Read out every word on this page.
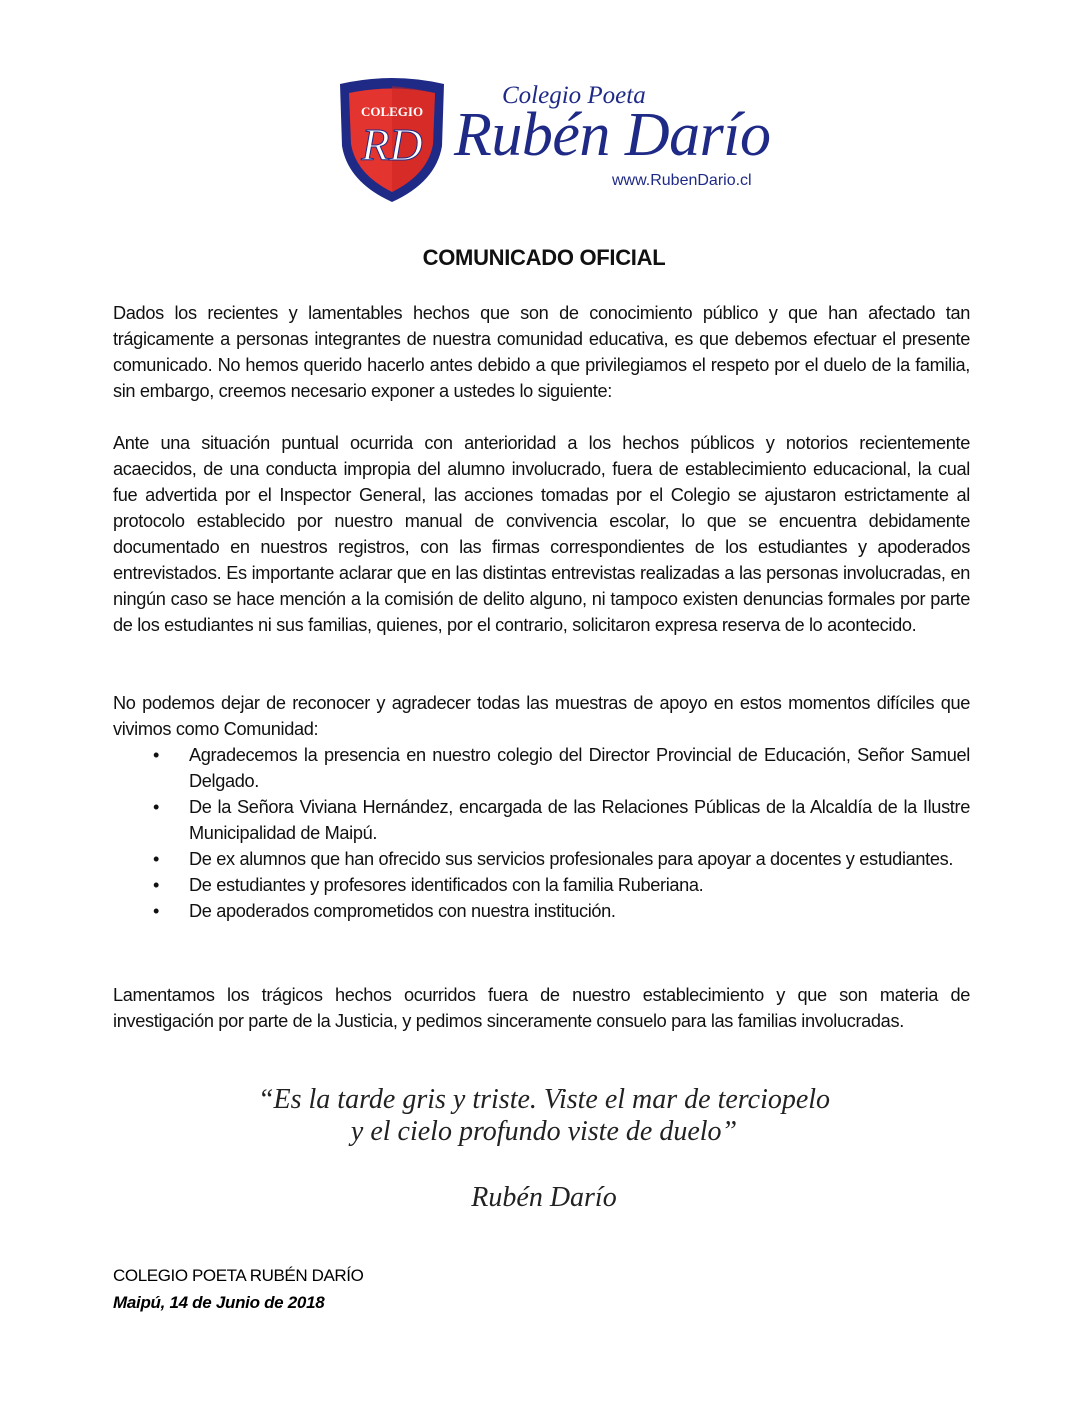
COLEGIO
RD
Colegio Poeta
Rubén Darío
www.RubenDario.cl
COMUNICADO OFICIAL

Dados los recientes y lamentables hechos que son de conocimiento público y que han afectado tan trágicamente a personas integrantes de nuestra comunidad educativa, es que debemos efectuar el presente comunicado. No hemos querido hacerlo antes debido a que privilegiamos el respeto por el duelo de la familia, sin embargo, creemos necesario exponer a ustedes lo siguiente:

Ante una situación puntual ocurrida con anterioridad a los hechos públicos y notorios recientemente acaecidos, de una conducta impropia del alumno involucrado, fuera de establecimiento educacional, la cual fue advertida por el Inspector General, las acciones tomadas por el Colegio se ajustaron estrictamente al protocolo establecido por nuestro manual de convivencia escolar, lo que se encuentra debidamente documentado en nuestros registros, con las firmas correspondientes de los estudiantes y apoderados entrevistados. Es importante aclarar que en las distintas entrevistas realizadas a las personas involucradas, en ningún caso se hace mención a la comisión de delito alguno, ni tampoco existen denuncias formales por parte de los estudiantes ni sus familias, quienes, por el contrario, solicitaron expresa reserva de lo acontecido.

No podemos dejar de reconocer y agradecer todas las muestras de apoyo en estos momentos difíciles que vivimos como Comunidad:

• Agradecemos la presencia en nuestro colegio del Director Provincial de Educación, Señor Samuel Delgado.
• De la Señora Viviana Hernández, encargada de las Relaciones Públicas de la Alcaldía de la Ilustre Municipalidad de Maipú.
• De ex alumnos que han ofrecido sus servicios profesionales para apoyar a docentes y estudiantes.
• De estudiantes y profesores identificados con la familia Ruberiana.
• De apoderados comprometidos con nuestra institución.

Lamentamos los trágicos hechos ocurridos fuera de nuestro establecimiento y que son materia de investigación por parte de la Justicia, y pedimos sinceramente consuelo para las familias involucradas.

“Es la tarde gris y triste. Viste el mar de terciopelo
y el cielo profundo viste de duelo”
Rubén Darío
COLEGIO POETA RUBÉN DARÍO
Maipú, 14 de Junio de 2018
